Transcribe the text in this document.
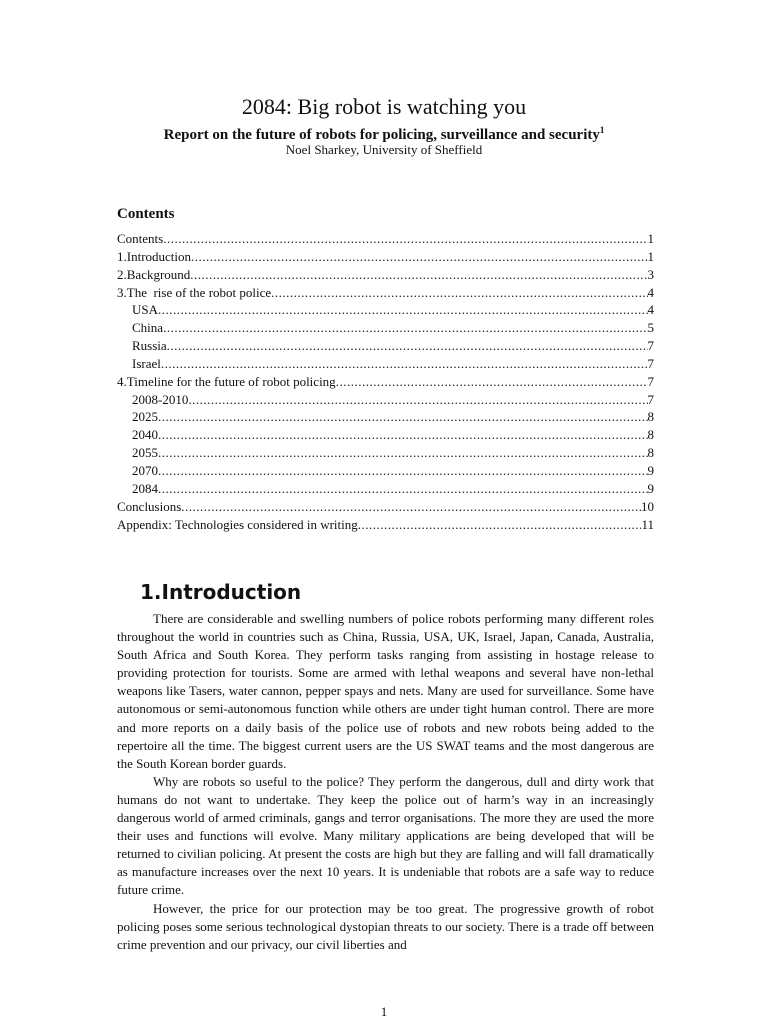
2084: Big robot is watching you
Report on the future of robots for policing, surveillance and security$^1$
Noel Sharkey, University of Sheffield
Contents
Contents .....	1
1.Introduction .....	1
2.Background .....	3
3.The  rise of the robot police .....	4
USA .....	4
China .....	5
Russia .....	7
Israel .....	7
4.Timeline for the future of robot policing .....	7
2008-2010 .....	7
2025 .....	8
2040 .....	8
2055 .....	8
2070 .....	9
2084 .....	9
Conclusions .....	10
Appendix: Technologies considered in writing .....	11
1.Introduction

There are considerable and swelling numbers of police robots performing many different roles throughout the world in countries such as China, Russia, USA, UK, Israel, Japan, Canada, Australia, South Africa and South Korea. They perform tasks ranging from assisting in hostage release to providing protection for tourists. Some are armed with lethal weapons and several have non-lethal weapons like Tasers, water cannon, pepper spays and nets. Many are used for surveillance. Some have autonomous or semi-autonomous function while others are under tight human control. There are more and more reports on a daily basis of the police use of robots and new robots being added to the repertoire all the time. The biggest current users are the US SWAT teams and the most dangerous are the South Korean border guards.

Why are robots so useful to the police? They perform the dangerous, dull and dirty work that humans do not want to undertake. They keep the police out of harm’s way in an increasingly dangerous world of armed criminals, gangs and terror organisations. The more they are used the more their uses and functions will evolve. Many military applications are being developed that will be returned to civilian policing. At present the costs are high but they are falling and will fall dramatically as manufacture increases over the next 10 years. It is undeniable that robots are a safe way to reduce future crime.

However, the price for our protection may be too great. The progressive growth of robot policing poses some serious technological dystopian threats to our society. There is a trade off between crime prevention and our privacy, our civil liberties and

1
